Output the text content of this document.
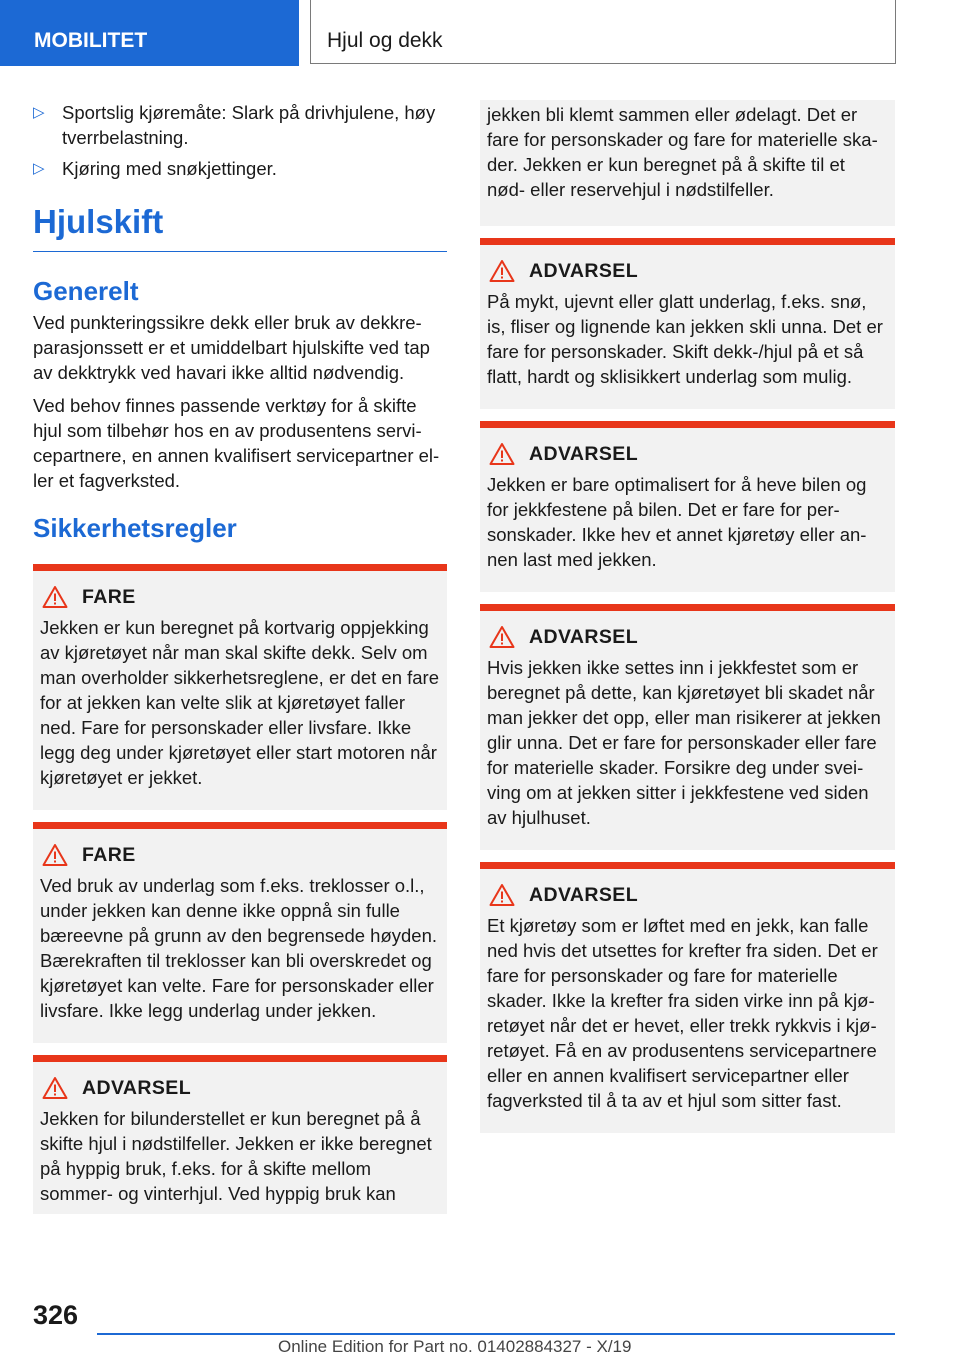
MOBILITET	Hjul og dekk
▷ Sportslig kjøremåte: Slark på drivhjulene, høy tverrbelastning.
▷ Kjøring med snøkjettinger.
Hjulskift
Generelt

Ved punkteringssikre dekk eller bruk av dekkreparasjonssett er et umiddelbart hjulskifte ved tap av dekktrykk ved havari ikke alltid nødvendig.

Ved behov finnes passende verktøy for å skifte hjul som tilbehør hos en av produsentens servicepartnere, en annen kvalifisert servicepartner eller et fagverksted.

Sikkerhetsregler
FARE

Jekken er kun beregnet på kortvarig oppjekking av kjøretøyet når man skal skifte dekk. Selv om man overholder sikkerhetsreglene, er det en fare for at jekken kan velte slik at kjøretøyet faller ned. Fare for personskader eller livsfare. Ikke legg deg under kjøretøyet eller start motoren når kjøretøyet er jekket.

FARE

Ved bruk av underlag som f.eks. treklosser o.l., under jekken kan denne ikke oppnå sin fulle bæreevne på grunn av den begrensede høyden. Bærekraften til treklosser kan bli overskredet og kjøretøyet kan velte. Fare for personskader eller livsfare. Ikke legg underlag under jekken.

ADVARSEL

Jekken for bilunderstellet er kun beregnet på å skifte hjul i nødstilfeller. Jekken er ikke beregnet på hyppig bruk, f.eks. for å skifte mellom sommer- og vinterhjul. Ved hyppig bruk kan

jekken bli klemt sammen eller ødelagt. Det er fare for personskader og fare for materielle skader. Jekken er kun beregnet på å skifte til et nød- eller reservehjul i nødstilfeller.

ADVARSEL

På mykt, ujevnt eller glatt underlag, f.eks. snø, is, fliser og lignende kan jekken skli unna. Det er fare for personskader. Skift dekk-/hjul på et så flatt, hardt og sklisikkert underlag som mulig.

ADVARSEL

Jekken er bare optimalisert for å heve bilen og for jekkfestene på bilen. Det er fare for personskader. Ikke hev et annet kjøretøy eller annen last med jekken.

ADVARSEL

Hvis jekken ikke settes inn i jekkfestet som er beregnet på dette, kan kjøretøyet bli skadet når man jekker det opp, eller man risikerer at jekken glir unna. Det er fare for personskader eller fare for materielle skader. Forsikre deg under sveiving om at jekken sitter i jekkfestene ved siden av hjulhuset.

ADVARSEL

Et kjøretøy som er løftet med en jekk, kan falle ned hvis det utsettes for krefter fra siden. Det er fare for personskader og fare for materielle skader. Ikke la krefter fra siden virke inn på kjøretøyet når det er hevet, eller trekk rykkvis i kjøretøyet. Få en av produsentens servicepartnere eller en annen kvalifisert servicepartner eller fagverksted til å ta av et hjul som sitter fast.

326
Online Edition for Part no. 01402884327 - X/19
